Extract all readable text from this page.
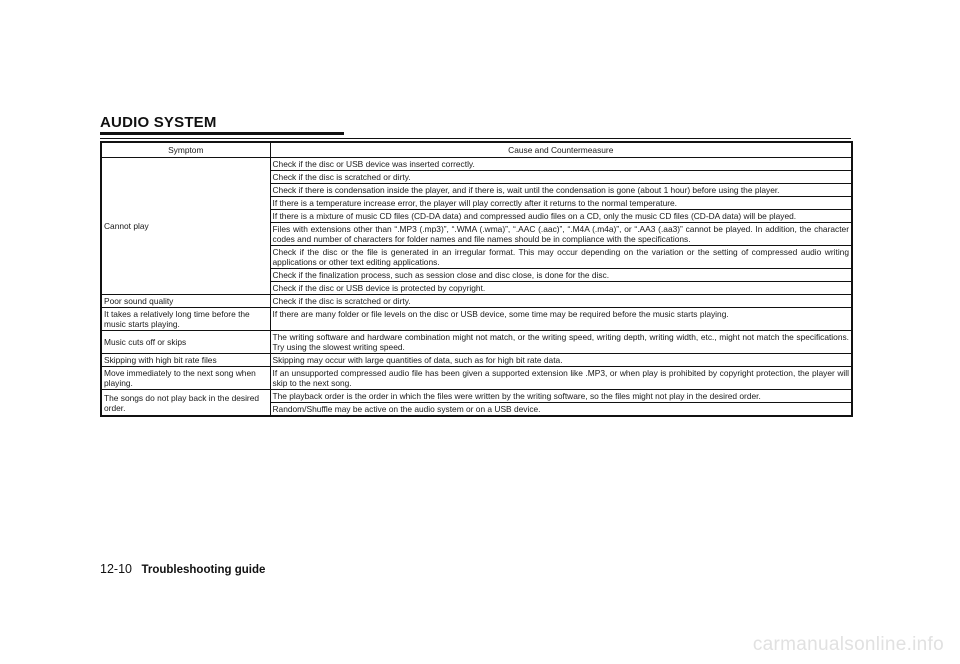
AUDIO SYSTEM
Symptom	Cause and Countermeasure
Cannot play	Check if the disc or USB device was inserted correctly.
	Check if the disc is scratched or dirty.
	Check if there is condensation inside the player, and if there is, wait until the condensation is gone (about 1 hour) before using the player.
	If there is a temperature increase error, the player will play correctly after it returns to the normal temperature.
	If there is a mixture of music CD files (CD-DA data) and compressed audio files on a CD, only the music CD files (CD-DA data) will be played.
	Files with extensions other than “.MP3 (.mp3)”, “.WMA (.wma)”, “.AAC (.aac)”, “.M4A (.m4a)”, or “.AA3 (.aa3)” cannot be played. In addition, the character codes and number of characters for folder names and file names should be in compliance with the specifications.
	Check if the disc or the file is generated in an irregular format. This may occur depending on the variation or the setting of compressed audio writing applications or other text editing applications.
	Check if the finalization process, such as session close and disc close, is done for the disc.
	Check if the disc or USB device is protected by copyright.
Poor sound quality	Check if the disc is scratched or dirty.
It takes a relatively long time before the music starts playing.	If there are many folder or file levels on the disc or USB device, some time may be required before the music starts playing.
Music cuts off or skips	The writing software and hardware combination might not match, or the writing speed, writing depth, writing width, etc., might not match the specifications. Try using the slowest writing speed.
Skipping with high bit rate files	Skipping may occur with large quantities of data, such as for high bit rate data.
Move immediately to the next song when playing.	If an unsupported compressed audio file has been given a supported extension like .MP3, or when play is prohibited by copyright protection, the player will skip to the next song.
The songs do not play back in the desired order.	The playback order is the order in which the files were written by the writing software, so the files might not play in the desired order.
	Random/Shuffle may be active on the audio system or on a USB device.
12-10 Troubleshooting guide
carmanualsonline.info
